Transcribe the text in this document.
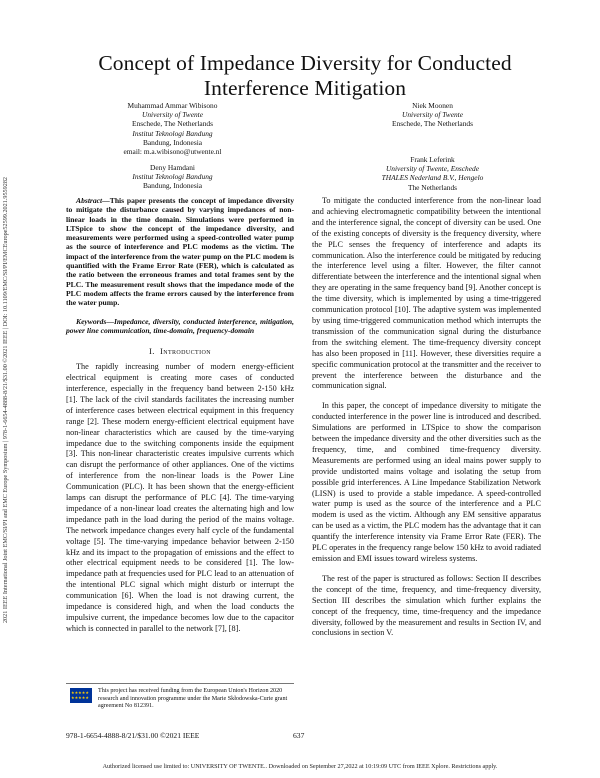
2021 IEEE International Joint EMC/SI/PI and EMC Europe Symposium | 978-1-6654-4888-8/21/$31.00 ©2021 IEEE | DOI: 10.1109/EMC/SI/PI/EMCEurope52599.2021.9559282
Concept of Impedance Diversity for Conducted
Interference Mitigation
Muhammad Ammar Wibisono
University of Twente
Enschede, The Netherlands
Institut Teknologi Bandung
Bandung, Indonesia
email: m.a.wibisono@utwente.nl
Niek Moonen
University of Twente
Enschede, The Netherlands
Deny Hamdani
Institut Teknologi Bandung
Bandung, Indonesia
Frank Leferink
University of Twente, Enschede
THALES Nederland B.V., Hengelo
The Netherlands
Abstract—This paper presents the concept of impedance diversity to mitigate the disturbance caused by varying impedances of non-linear loads in the time domain. Simulations were performed in LTSpice to show the concept of the impedance diversity, and measurements were performed using a speed-controlled water pump as the source of interference and PLC modems as the victim. The impact of the interference from the water pump on the PLC modem is quantified with the Frame Error Rate (FER), which is calculated as the ratio between the erroneous frames and total frames sent by the PLC. The measurement result shows that the impedance mode of the PLC modem affects the frame errors caused by the interference from the water pump.
Keywords—Impedance, diversity, conducted interference, mitigation, power line communication, time-domain, frequency-domain
I. Introduction

The rapidly increasing number of modern energy-efficient electrical equipment is creating more cases of conducted interference, especially in the frequency band between 2-150 kHz [1]. The lack of the civil standards facilitates the increasing number of interference cases between electrical equipment in this frequency range [2]. These modern energy-efficient electrical equipment have non-linear characteristics which are caused by the time-varying impedance due to the switching components inside the equipment [3]. This non-linear characteristic creates impulsive currents which can disrupt the performance of other appliances. One of the victims of interference from the non-linear loads is the Power Line Communication (PLC). It has been shown that the energy-efficient lamps can disrupt the performance of PLC [4]. The time-varying impedance of a non-linear load creates the alternating high and low impedance path in the load during the period of the mains voltage. The network impedance changes every half cycle of the fundamental voltage [5]. The time-varying impedance behavior between 2-150 kHz and its impact to the propagation of emissions and the effect to other electrical equipment needs to be considered [1]. The low-impedance path at frequencies used for PLC lead to an attenuation of the intentional PLC signal which might disturb or interrupt the communication [6]. When the load is not drawing current, the impedance is considered high, and when the load conducts the impulsive current, the impedance becomes low due to the capacitor which is connected in parallel to the network [7], [8].

To mitigate the conducted interference from the non-linear load and achieving electromagnetic compatibility between the intentional and the interference signal, the concept of diversity can be used. One of the existing concepts of diversity is the frequency diversity, where the PLC senses the frequency of interference and adapts its communication. Also the interference could be mitigated by reducing the interference level using a filter. However, the filter cannot differentiate between the interference and the intentional signal when they are operating in the same frequency band [9]. Another concept is the time diversity, which is implemented by using a time-triggered communication protocol [10]. The adaptive system was implemented by using time-triggered communication method which interrupts the transmission of the communication signal during the disturbance from the switching element. The time-frequency diversity concept has also been proposed in [11]. However, these diversities require a specific communication protocol at the transmitter and the receiver to prevent the interference between the disturbance and the communication signal.

In this paper, the concept of impedance diversity to mitigate the conducted interference in the power line is introduced and described. Simulations are performed in LTSpice to show the comparison between the impedance diversity and the other diversities such as the frequency, time, and combined time-frequency diversity. Measurements are performed using an ideal mains power supply to provide undistorted mains voltage and isolating the setup from possible grid interferences. A Line Impedance Stabilization Network (LISN) is used to provide a stable impedance. A speed-controlled water pump is used as the source of the interference and a PLC modem is used as the victim. Although any EM sensitive apparatus can be used as a victim, the PLC modem has the advantage that it can quantify the interference intensity via Frame Error Rate (FER). The PLC operates in the frequency range below 150 kHz to avoid radiated emission and EMI issues toward wireless systems.

The rest of the paper is structured as follows: Section II describes the concept of the time, frequency, and time-frequency diversity, Section III describes the simulation which further explains the concept of the frequency, time, time-frequency and the impedance diversity, followed by the measurement and results in Section IV, and conclusions in section V.

★★★★★ ★★★★★
This project has received funding from the European Union's Horizon 2020 research and innovation programme under the Marie Skłodowska-Curie grant agreement No 812391.
978-1-6654-4888-8/21/$31.00 ©2021 IEEE	637
Authorized licensed use limited to: UNIVERSITY OF TWENTE.. Downloaded on September 27,2022 at 10:19:09 UTC from IEEE Xplore. Restrictions apply.
